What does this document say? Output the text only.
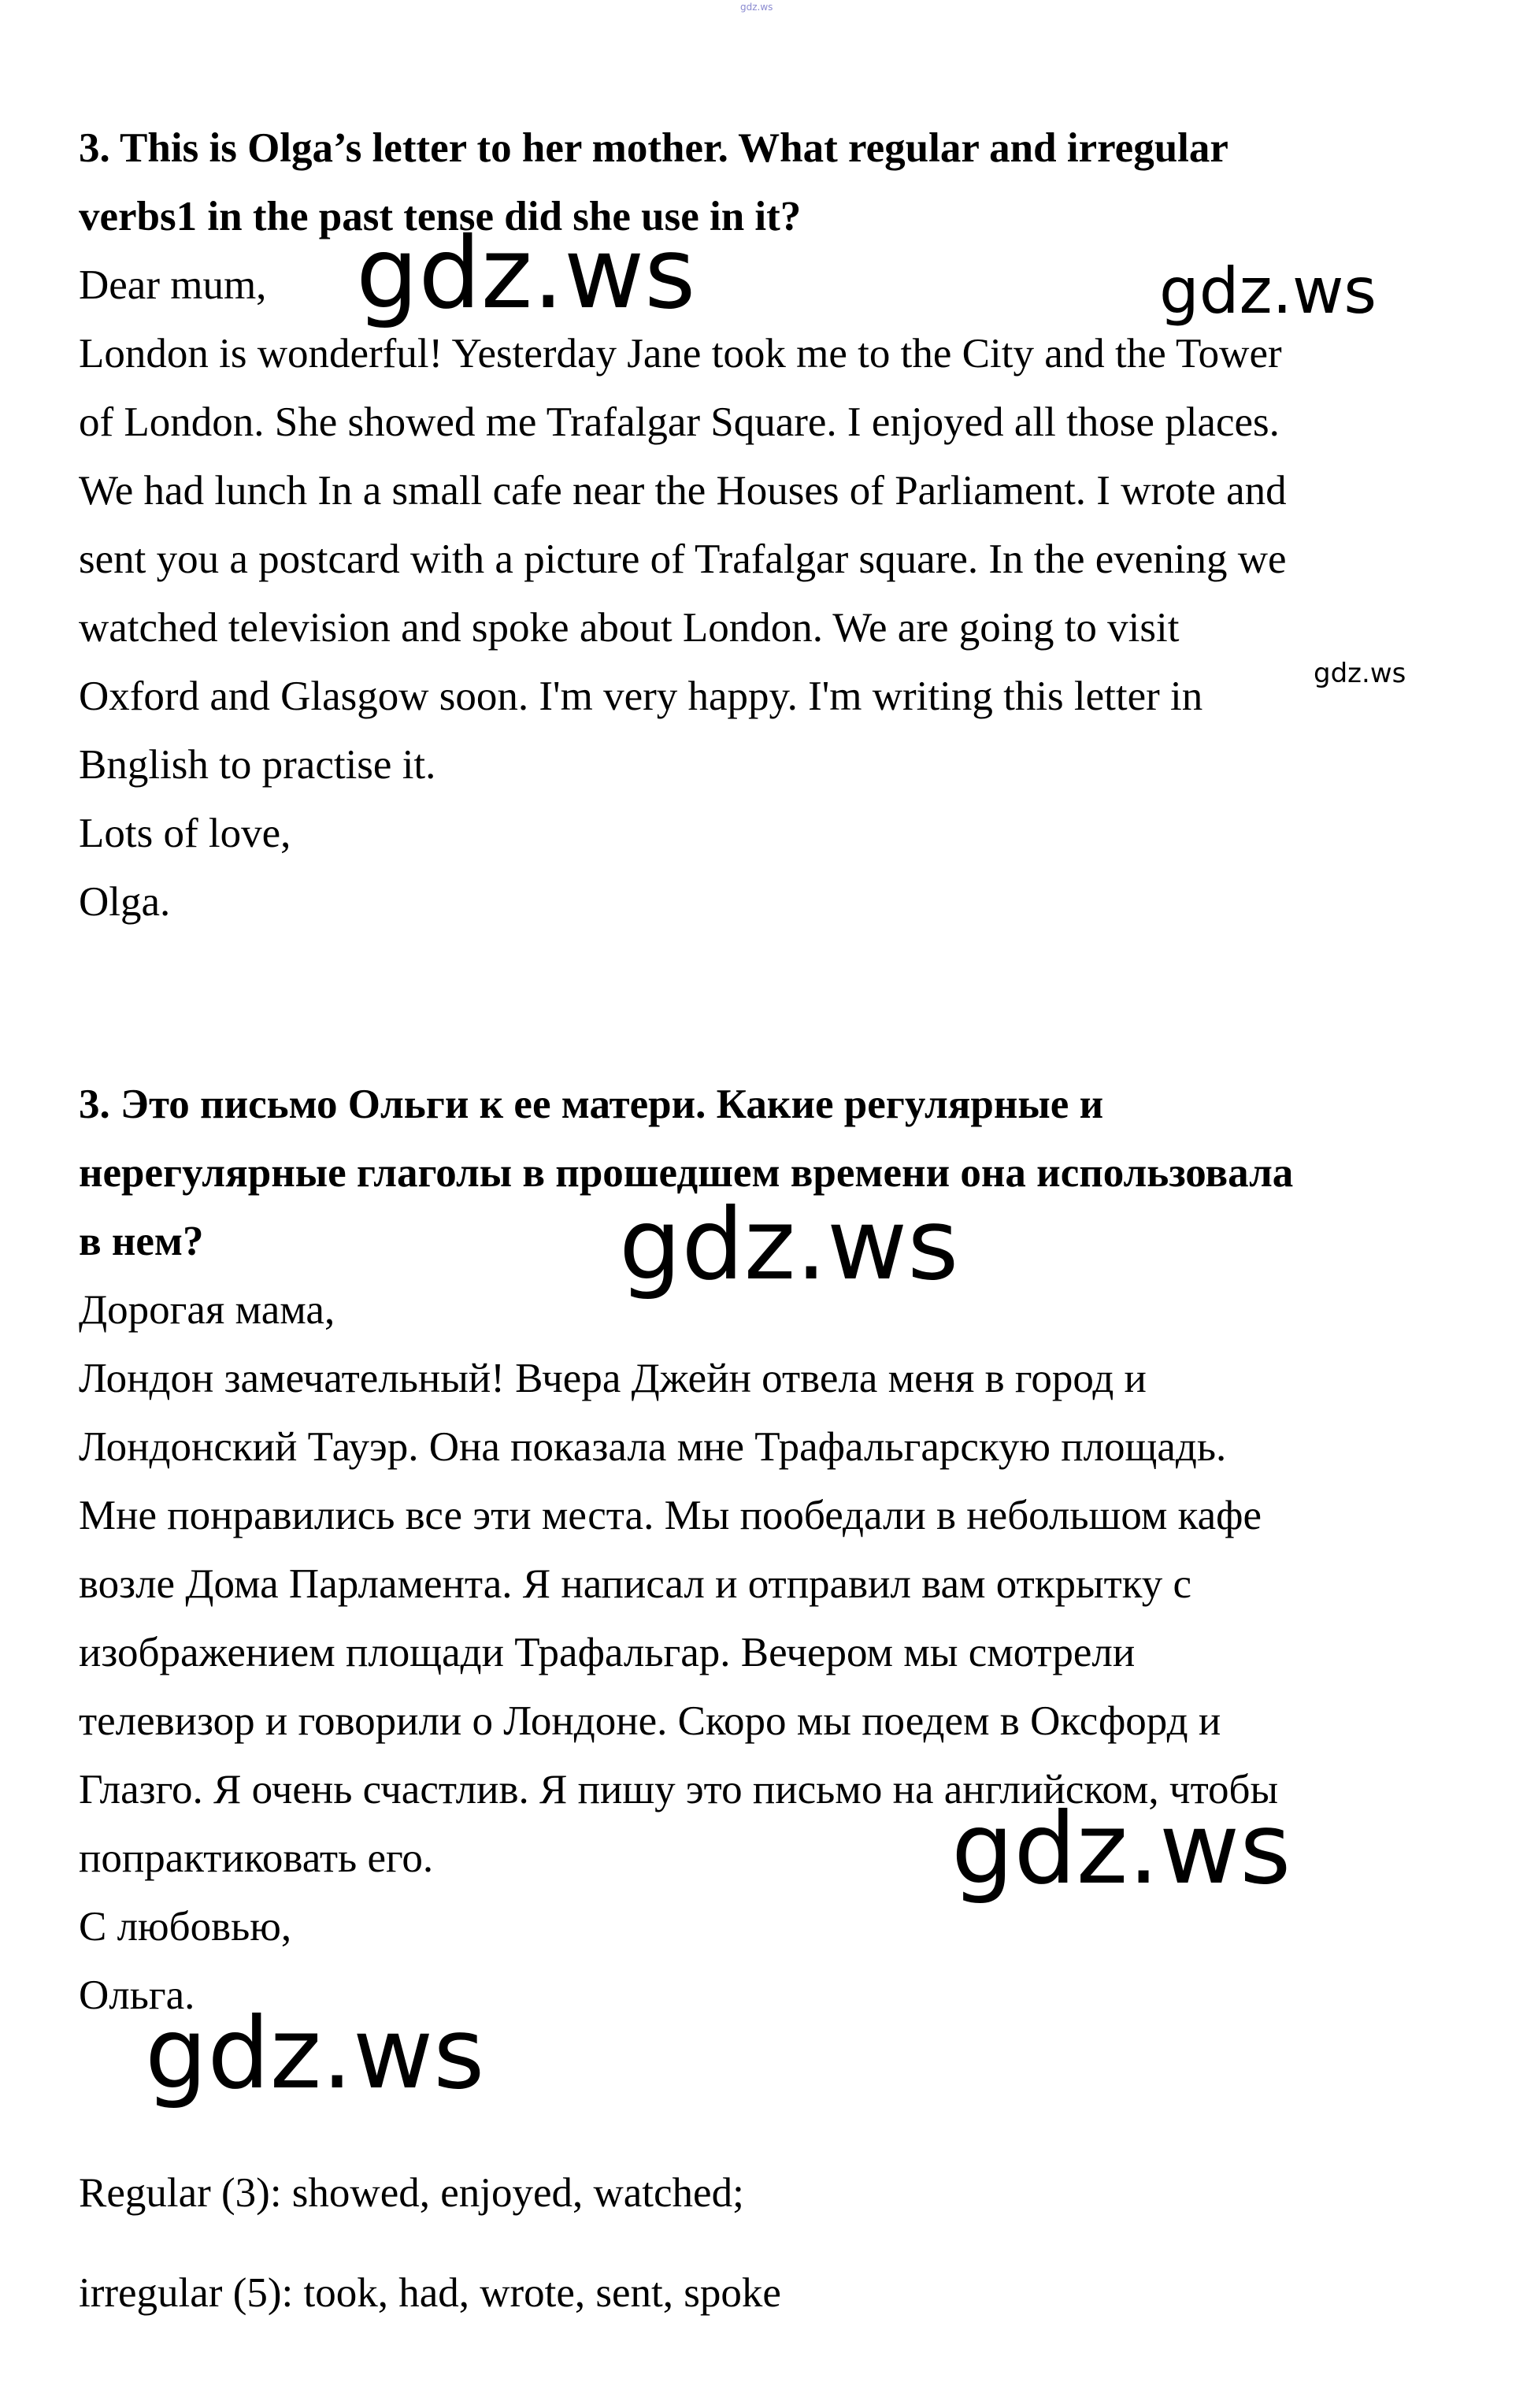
gdz.ws
3. This is Olga’s letter to her mother. What regular and irregular
verbs1 in the past tense did she use in it?
Dear mum,
London is wonderful! Yesterday Jane took me to the City and the Tower
of London. She showed me Trafalgar Square. I enjoyed all those places.
We had lunch In a small cafe near the Houses of Parliament. I wrote and
sent you a postcard with a picture of Trafalgar square. In the evening we
watched television and spoke about London. We are going to visit
Oxford and Glasgow soon. I'm very happy. I'm writing this letter in
Bnglish to practise it.
Lots of love,
Olga.
3. Это письмо Ольги к ее матери. Какие регулярные и
нерегулярные глаголы в прошедшем времени она использовала
в нем?
Дорогая мама,
Лондон замечательный! Вчера Джейн отвела меня в город и
Лондонский Тауэр. Она показала мне Трафальгарскую площадь.
Мне понравились все эти места. Мы пообедали в небольшом кафе
возле Дома Парламента. Я написал и отправил вам открытку с
изображением площади Трафальгар. Вечером мы смотрели
телевизор и говорили о Лондоне. Скоро мы поедем в Оксфорд и
Глазго. Я очень счастлив. Я пишу это письмо на английском, чтобы
попрактиковать его.
С любовью,
Ольга.
Regular (3): showed, enjoyed, watched;
irregular (5): took, had, wrote, sent, spoke
gdz.ws	gdz.ws
gdz.ws
gdz.ws
gdz.ws
gdz.ws
